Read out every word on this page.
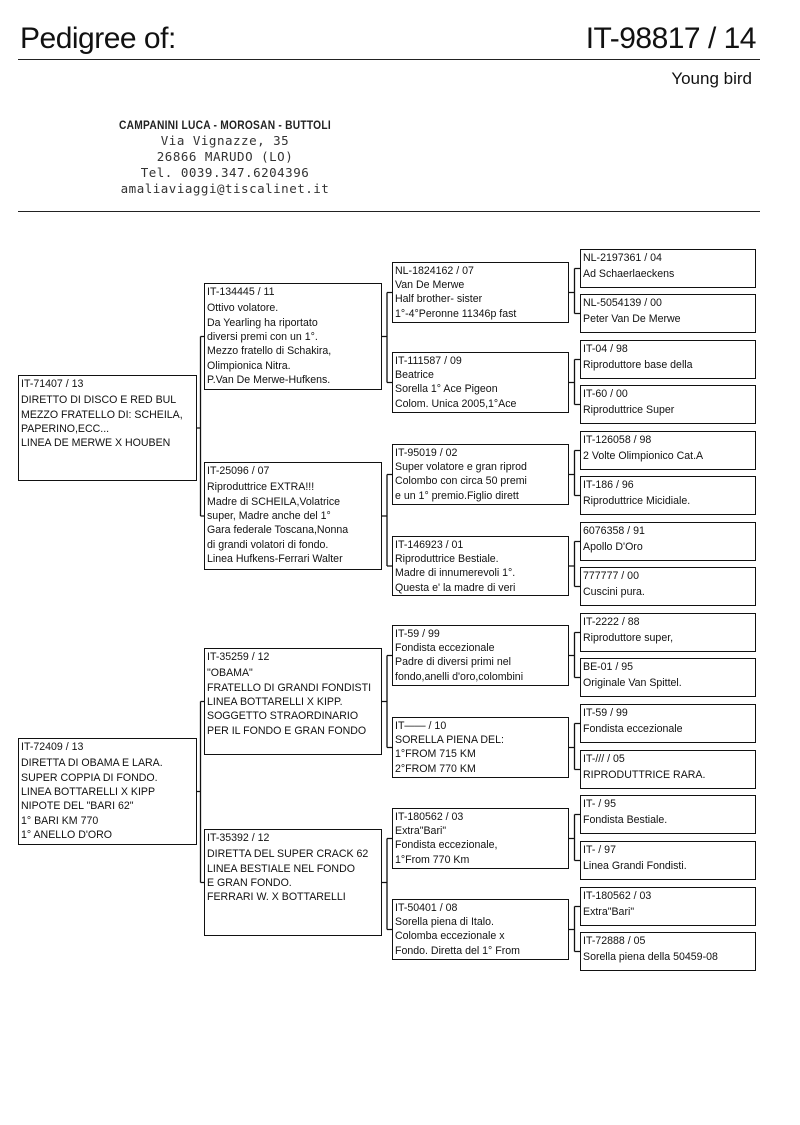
Pedigree of:	IT-98817 / 14
Young bird
CAMPANINI LUCA - MOROSAN - BUTTOLI
Via Vignazze, 35
26866 MARUDO (LO)
Tel. 0039.347.6204396
amaliaviaggi@tiscalinet.it
IT-71407 / 13
DIRETTO DI DISCO E RED BUL
MEZZO FRATELLO DI: SCHEILA,
PAPERINO,ECC...
LINEA DE MERWE X HOUBEN
IT-72409 / 13
DIRETTA DI OBAMA E LARA.
SUPER COPPIA DI FONDO.
LINEA BOTTARELLI X KIPP
NIPOTE DEL "BARI 62"
1° BARI KM 770
1° ANELLO D'ORO
IT-134445 / 11
Ottivo volatore.
Da Yearling ha riportato
diversi premi con un 1°.
Mezzo fratello di Schakira,
Olimpionica Nitra.
P.Van De Merwe-Hufkens.
IT-25096 / 07
Riproduttrice EXTRA!!!
Madre di SCHEILA,Volatrice
super, Madre anche del 1°
Gara federale Toscana,Nonna
di grandi volatori di fondo.
Linea Hufkens-Ferrari Walter
IT-35259 / 12
"OBAMA"
FRATELLO DI GRANDI FONDISTI
LINEA BOTTARELLI X KIPP.
SOGGETTO STRAORDINARIO
PER IL FONDO E GRAN FONDO
IT-35392 / 12
DIRETTA DEL SUPER CRACK 62
LINEA BESTIALE NEL FONDO
E GRAN FONDO.
FERRARI W. X BOTTARELLI
NL-1824162 / 07
Van De Merwe
Half brother- sister
1°-4°Peronne 11346p fast
IT-111587 / 09
Beatrice
Sorella 1° Ace Pigeon
Colom. Unica 2005,1°Ace
IT-95019 / 02
Super volatore e gran riprod
Colombo con circa 50 premi
e un 1° premio.Figlio dirett
IT-146923 / 01
Riproduttrice Bestiale.
Madre di innumerevoli 1°.
Questa e' la madre di veri
IT-59 / 99
Fondista eccezionale
Padre di diversi primi nel
fondo,anelli d'oro,colombini
IT—— / 10
SORELLA PIENA DEL:
1°FROM 715 KM
2°FROM 770 KM
IT-180562 / 03
Extra"Bari"
Fondista eccezionale,
1°From 770 Km
IT-50401 / 08
Sorella piena di Italo.
Colomba eccezionale x
Fondo. Diretta del 1° From
NL-2197361 / 04
Ad Schaerlaeckens
NL-5054139 / 00
Peter Van De Merwe
IT-04 / 98
Riproduttore base della
IT-60 / 00
Riproduttrice Super
IT-126058 / 98
2 Volte Olimpionico Cat.A
IT-186 / 96
Riproduttrice Micidiale.
6076358 / 91
Apollo D'Oro
777777 / 00
Cuscini pura.
IT-2222 / 88
Riproduttore super,
BE-01 / 95
Originale Van Spittel.
IT-59 / 99
Fondista eccezionale
IT-/// / 05
RIPRODUTTRICE RARA.
IT- / 95
Fondista Bestiale.
IT- / 97
Linea Grandi Fondisti.
IT-180562 / 03
Extra"Bari"
IT-72888 / 05
Sorella piena della 50459-08
